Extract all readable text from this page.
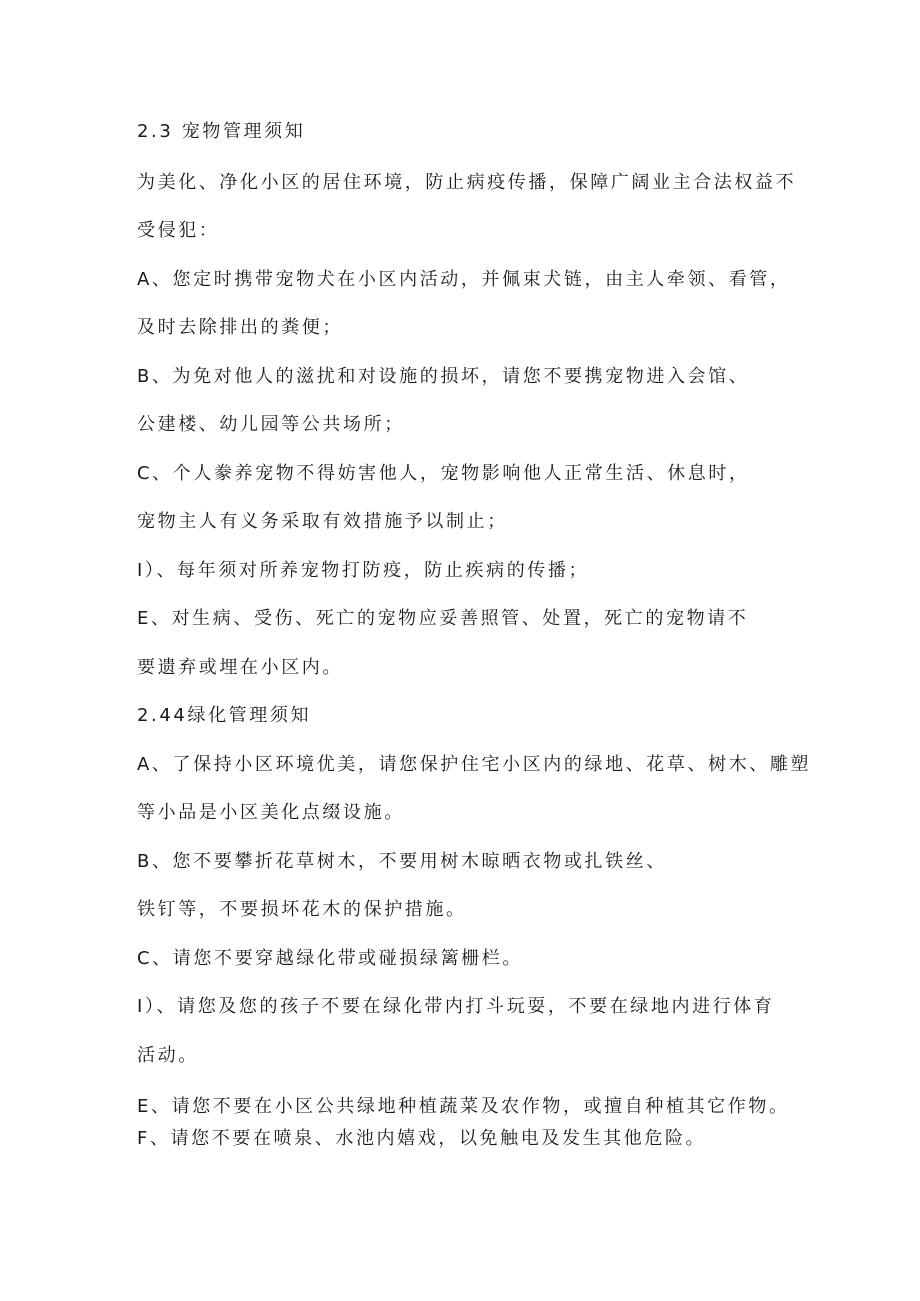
2.3 宠物管理须知
为美化、净化小区的居住环境，防止病疫传播，保障广阔业主合法权益不
受侵犯：
A、您定时携带宠物犬在小区内活动，并佩束犬链，由主人牵领、看管，
及时去除排出的粪便；
B、为免对他人的滋扰和对设施的损坏，请您不要携宠物进入会馆、
公建楼、幼儿园等公共场所；
C、个人豢养宠物不得妨害他人，宠物影响他人正常生活、休息时，
宠物主人有义务采取有效措施予以制止；
I）、每年须对所养宠物打防疫，防止疾病的传播；
E、对生病、受伤、死亡的宠物应妥善照管、处置，死亡的宠物请不
要遗弃或埋在小区内。
2.44绿化管理须知
A、了保持小区环境优美，请您保护住宅小区内的绿地、花草、树木、雕塑
等小品是小区美化点缀设施。
B、您不要攀折花草树木，不要用树木晾晒衣物或扎铁丝、
铁钉等，不要损坏花木的保护措施。
C、请您不要穿越绿化带或碰损绿篱栅栏。
I）、请您及您的孩子不要在绿化带内打斗玩耍，不要在绿地内进行体育
活动。
E、请您不要在小区公共绿地种植蔬菜及农作物，或擅自种植其它作物。
F、请您不要在喷泉、水池内嬉戏，以免触电及发生其他危险。
